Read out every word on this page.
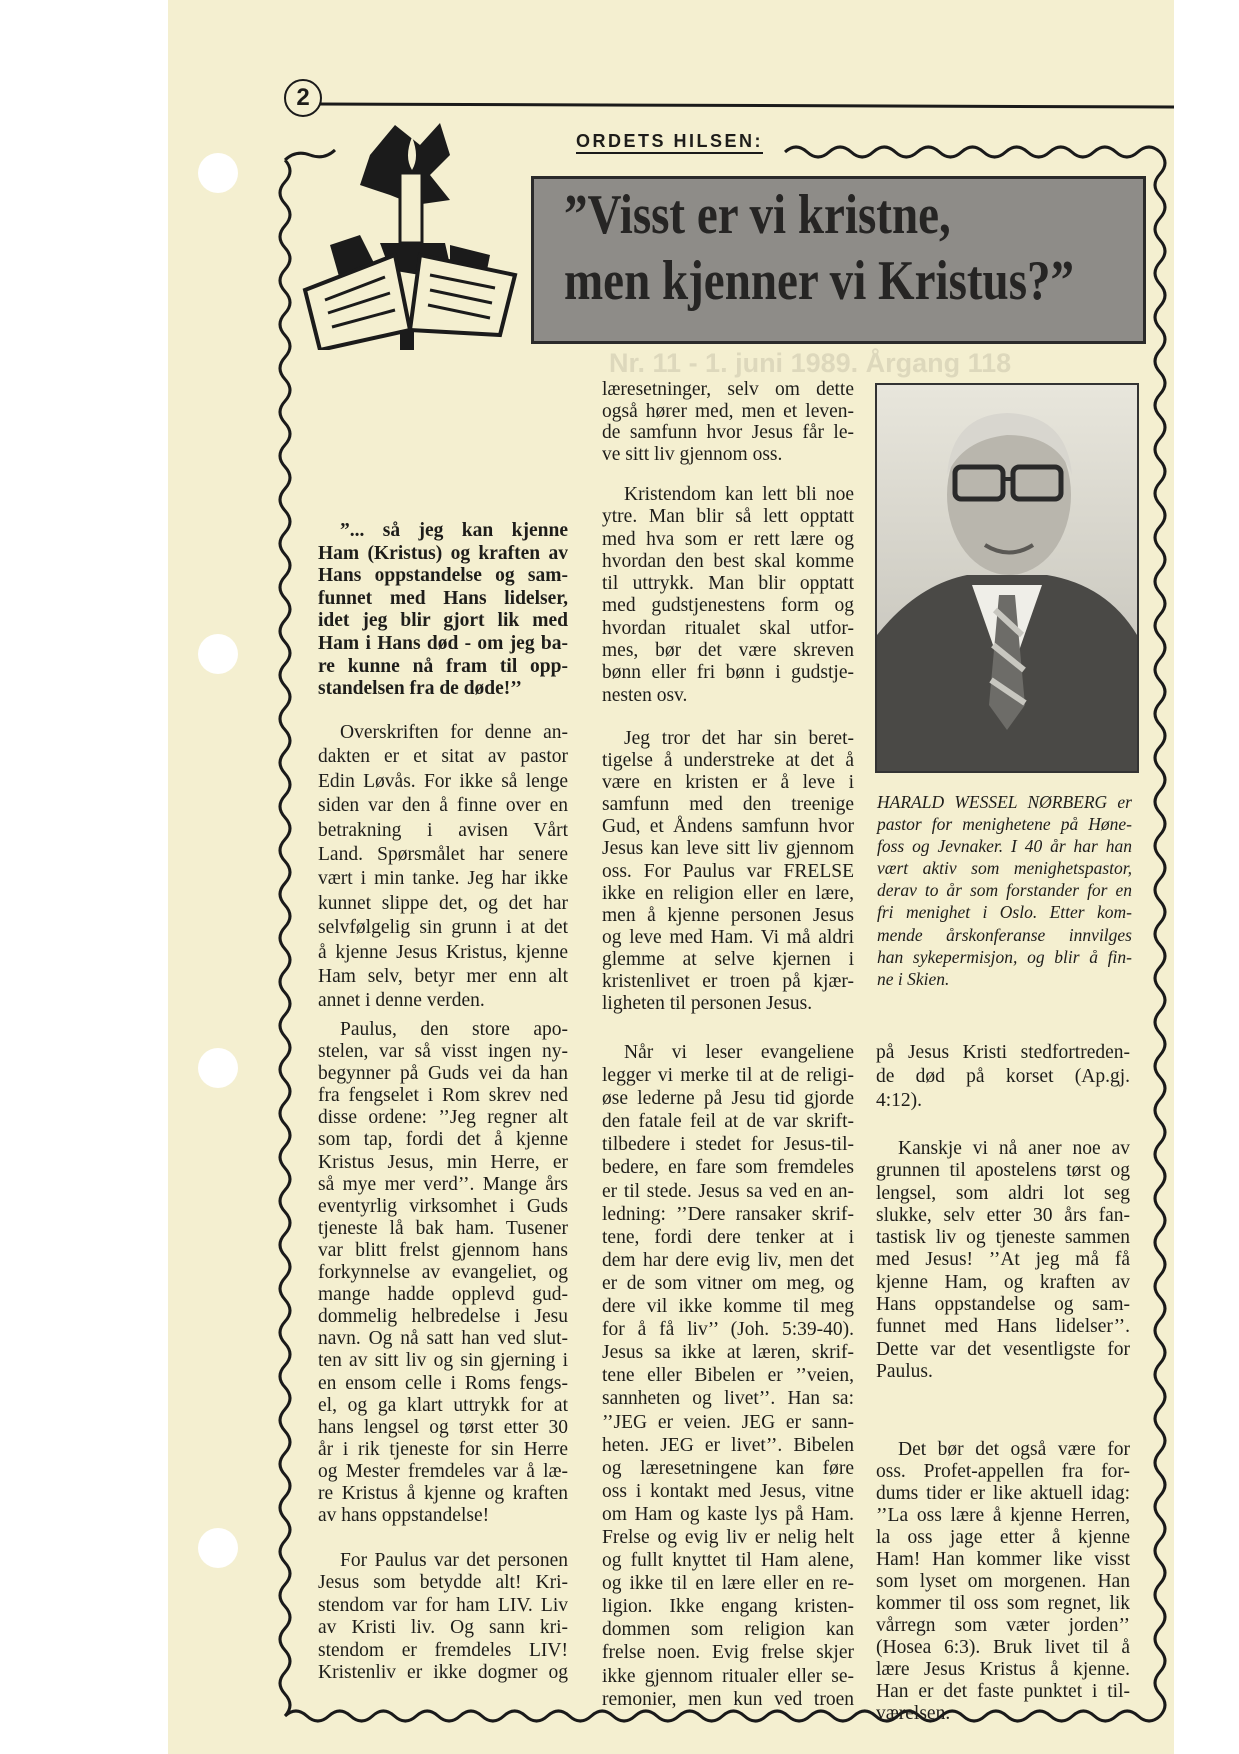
Nr. 11 - 1. juni 1989. Årgang 118
2
ORDETS HILSEN:
”Visst er vi kristne,
men kjenner vi Kristus?”
”... så jeg kan kjenne
Ham (Kristus) og kraften av
Hans oppstandelse og sam-
funnet med Hans lidelser,
idet jeg blir gjort lik med
Ham i Hans død - om jeg ba-
re kunne nå fram til opp-
standelsen fra de døde!’’
Overskriften for denne an-
dakten er et sitat av pastor
Edin Løvås. For ikke så lenge
siden var den å finne over en
betrakning i avisen Vårt
Land. Spørsmålet har senere
vært i min tanke. Jeg har ikke
kunnet slippe det, og det har
selvfølgelig sin grunn i at det
å kjenne Jesus Kristus, kjenne
Ham selv, betyr mer enn alt
annet i denne verden.
Paulus, den store apo-
stelen, var så visst ingen ny-
begynner på Guds vei da han
fra fengselet i Rom skrev ned
disse ordene: ’’Jeg regner alt
som tap, fordi det å kjenne
Kristus Jesus, min Herre, er
så mye mer verd’’. Mange års
eventyrlig virksomhet i Guds
tjeneste lå bak ham. Tusener
var blitt frelst gjennom hans
forkynnelse av evangeliet, og
mange hadde opplevd gud-
dommelig helbredelse i Jesu
navn. Og nå satt han ved slut-
ten av sitt liv og sin gjerning i
en ensom celle i Roms fengs-
el, og ga klart uttrykk for at
hans lengsel og tørst etter 30
år i rik tjeneste for sin Herre
og Mester fremdeles var å læ-
re Kristus å kjenne og kraften
av hans oppstandelse!
For Paulus var det personen
Jesus som betydde alt! Kri-
stendom var for ham LIV. Liv
av Kristi liv. Og sann kri-
stendom er fremdeles LIV!
Kristenliv er ikke dogmer og
læresetninger, selv om dette
også hører med, men et leven-
de samfunn hvor Jesus får le-
ve sitt liv gjennom oss.
Kristendom kan lett bli noe
ytre. Man blir så lett opptatt
med hva som er rett lære og
hvordan den best skal komme
til uttrykk. Man blir opptatt
med gudstjenestens form og
hvordan ritualet skal utfor-
mes, bør det være skreven
bønn eller fri bønn i gudstje-
nesten osv.
Jeg tror det har sin beret-
tigelse å understreke at det å
være en kristen er å leve i
samfunn med den treenige
Gud, et Åndens samfunn hvor
Jesus kan leve sitt liv gjennom
oss. For Paulus var FRELSE
ikke en religion eller en lære,
men å kjenne personen Jesus
og leve med Ham. Vi må aldri
glemme at selve kjernen i
kristenlivet er troen på kjær-
ligheten til personen Jesus.
Når vi leser evangeliene
legger vi merke til at de religi-
øse lederne på Jesu tid gjorde
den fatale feil at de var skrift-
tilbedere i stedet for Jesus-til-
bedere, en fare som fremdeles
er til stede. Jesus sa ved en an-
ledning: ’’Dere ransaker skrif-
tene, fordi dere tenker at i
dem har dere evig liv, men det
er de som vitner om meg, og
dere vil ikke komme til meg
for å få liv’’ (Joh. 5:39-40).
Jesus sa ikke at læren, skrif-
tene eller Bibelen er ’’veien,
sannheten og livet’’. Han sa:
’’JEG er veien. JEG er sann-
heten. JEG er livet’’. Bibelen
og læresetningene kan føre
oss i kontakt med Jesus, vitne
om Ham og kaste lys på Ham.
Frelse og evig liv er nelig helt
og fullt knyttet til Ham alene,
og ikke til en lære eller en re-
ligion. Ikke engang kristen-
dommen som religion kan
frelse noen. Evig frelse skjer
ikke gjennom ritualer eller se-
remonier, men kun ved troen
HARALD WESSEL NØRBERG er
pastor for menighetene på Høne-
foss og Jevnaker. I 40 år har han
vært aktiv som menighetspastor,
derav to år som forstander for en
fri menighet i Oslo. Etter kom-
mende årskonferanse innvilges
han sykepermisjon, og blir å fin-
ne i Skien.
på Jesus Kristi stedfortreden-
de død på korset (Ap.gj.
4:12).
Kanskje vi nå aner noe av
grunnen til apostelens tørst og
lengsel, som aldri lot seg
slukke, selv etter 30 års fan-
tastisk liv og tjeneste sammen
med Jesus! ’’At jeg må få
kjenne Ham, og kraften av
Hans oppstandelse og sam-
funnet med Hans lidelser’’.
Dette var det vesentligste for
Paulus.
Det bør det også være for
oss. Profet-appellen fra for-
dums tider er like aktuell idag:
’’La oss lære å kjenne Herren,
la oss jage etter å kjenne
Ham! Han kommer like visst
som lyset om morgenen. Han
kommer til oss som regnet, lik
vårregn som væter jorden’’
(Hosea 6:3). Bruk livet til å
lære Jesus Kristus å kjenne.
Han er det faste punktet i til-
værelsen.
